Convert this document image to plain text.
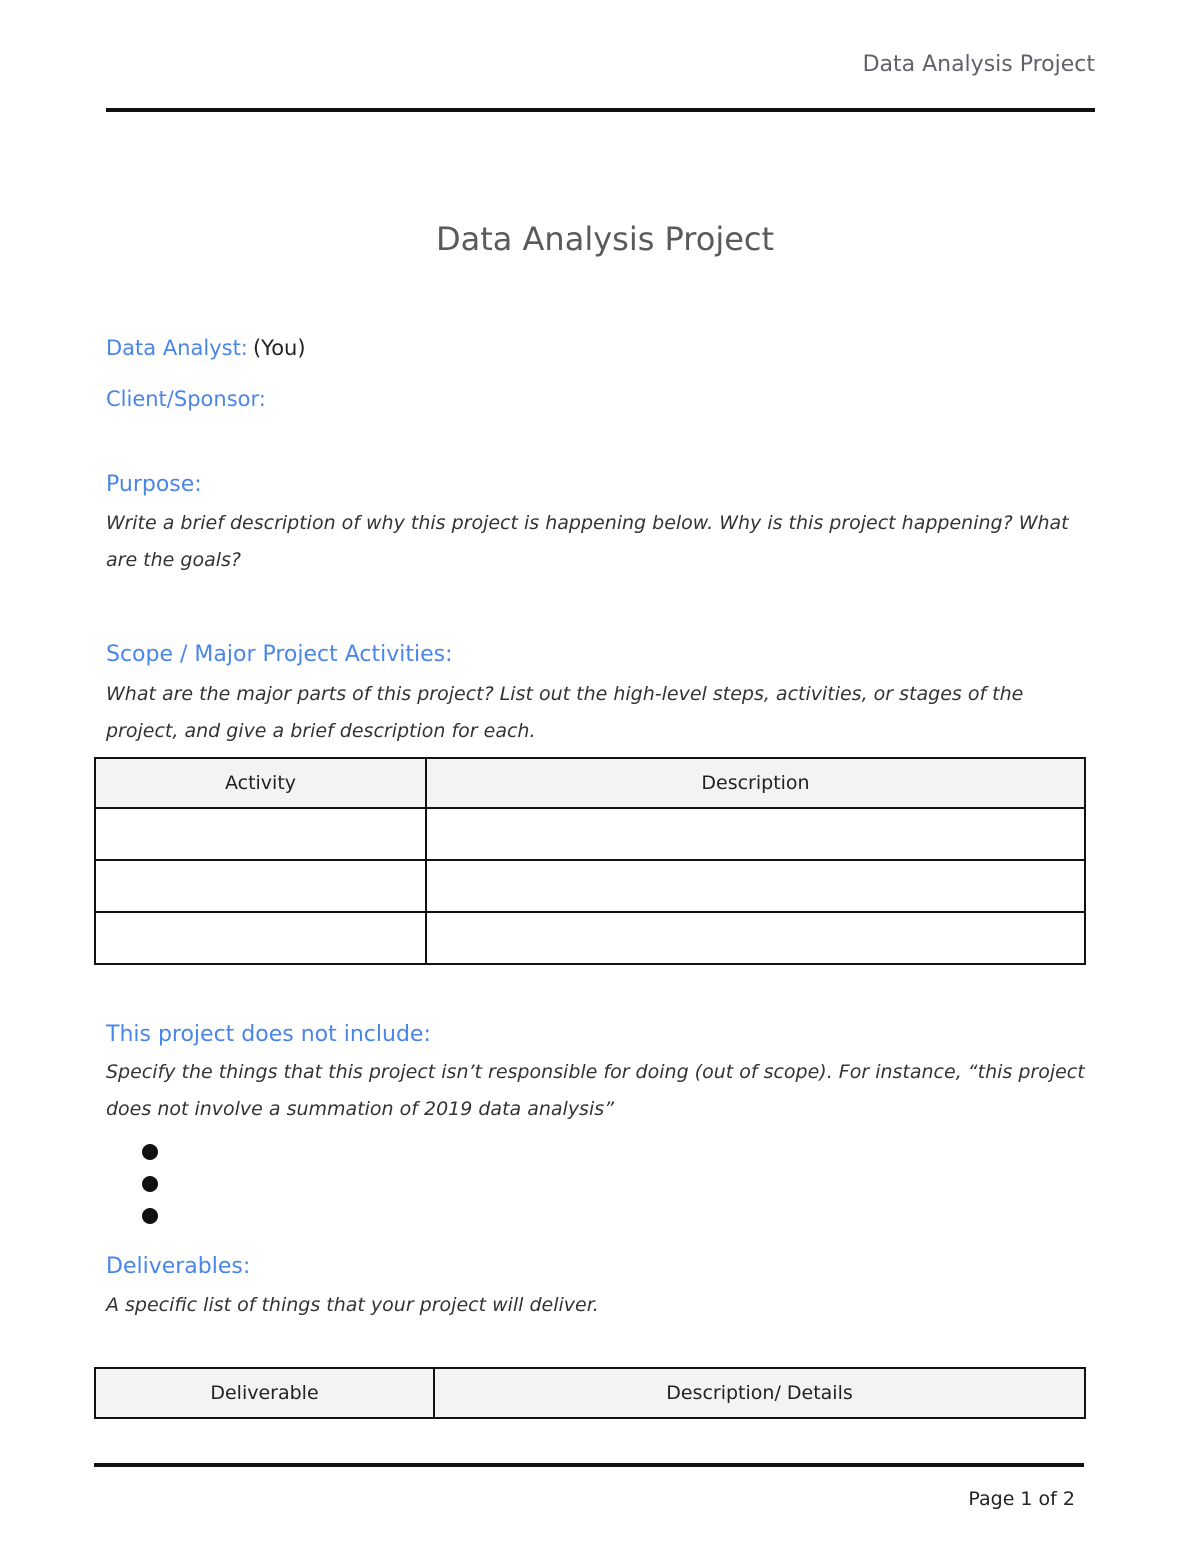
Data Analysis Project
Data Analysis Project
Data Analyst: (You)
Client/Sponsor:
Purpose:
Write a brief description of why this project is happening below. Why is this project happening? What are the goals?
Scope / Major Project Activities:
What are the major parts of this project? List out the high-level steps, activities, or stages of the project, and give a brief description for each.
Activity	Description

This project does not include:
Specify the things that this project isn’t responsible for doing (out of scope). For instance, “this project does not involve a summation of 2019 data analysis”
Deliverables:
A specific list of things that your project will deliver.
Deliverable	Description/ Details
Page 1 of 2
